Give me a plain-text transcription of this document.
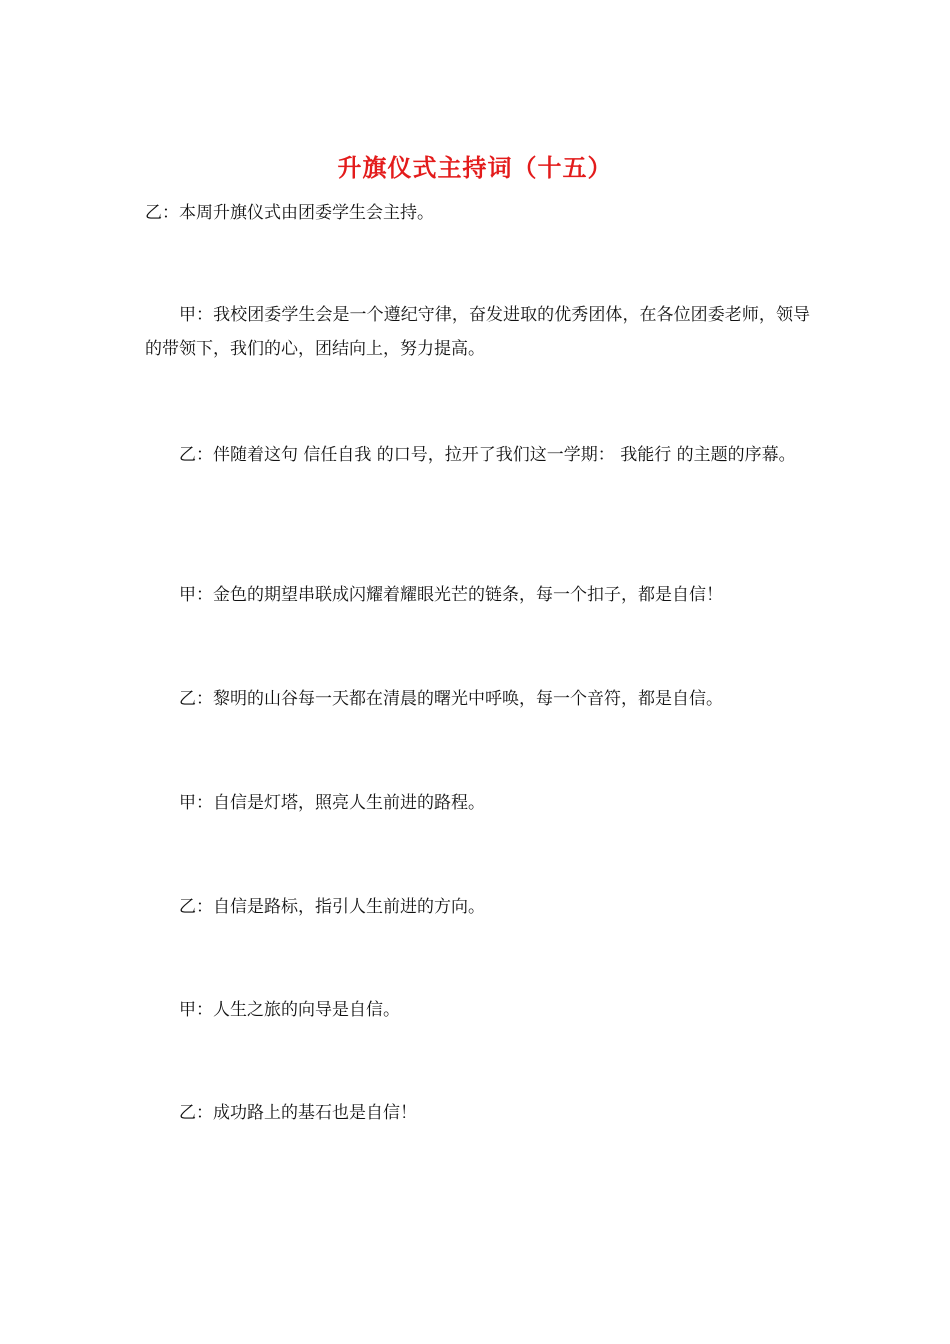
升旗仪式主持词（十五）

乙：本周升旗仪式由团委学生会主持。

甲：我校团委学生会是一个遵纪守律，奋发进取的优秀团体，在各位团委老师，领导的带领下，我们的心，团结向上，努力提高。

乙：伴随着这句 信任自我 的口号，拉开了我们这一学期： 我能行 的主题的序幕。

甲：金色的期望串联成闪耀着耀眼光芒的链条，每一个扣子，都是自信！

乙：黎明的山谷每一天都在清晨的曙光中呼唤，每一个音符，都是自信。

甲：自信是灯塔，照亮人生前进的路程。

乙：自信是路标，指引人生前进的方向。

甲：人生之旅的向导是自信。

乙：成功路上的基石也是自信！
